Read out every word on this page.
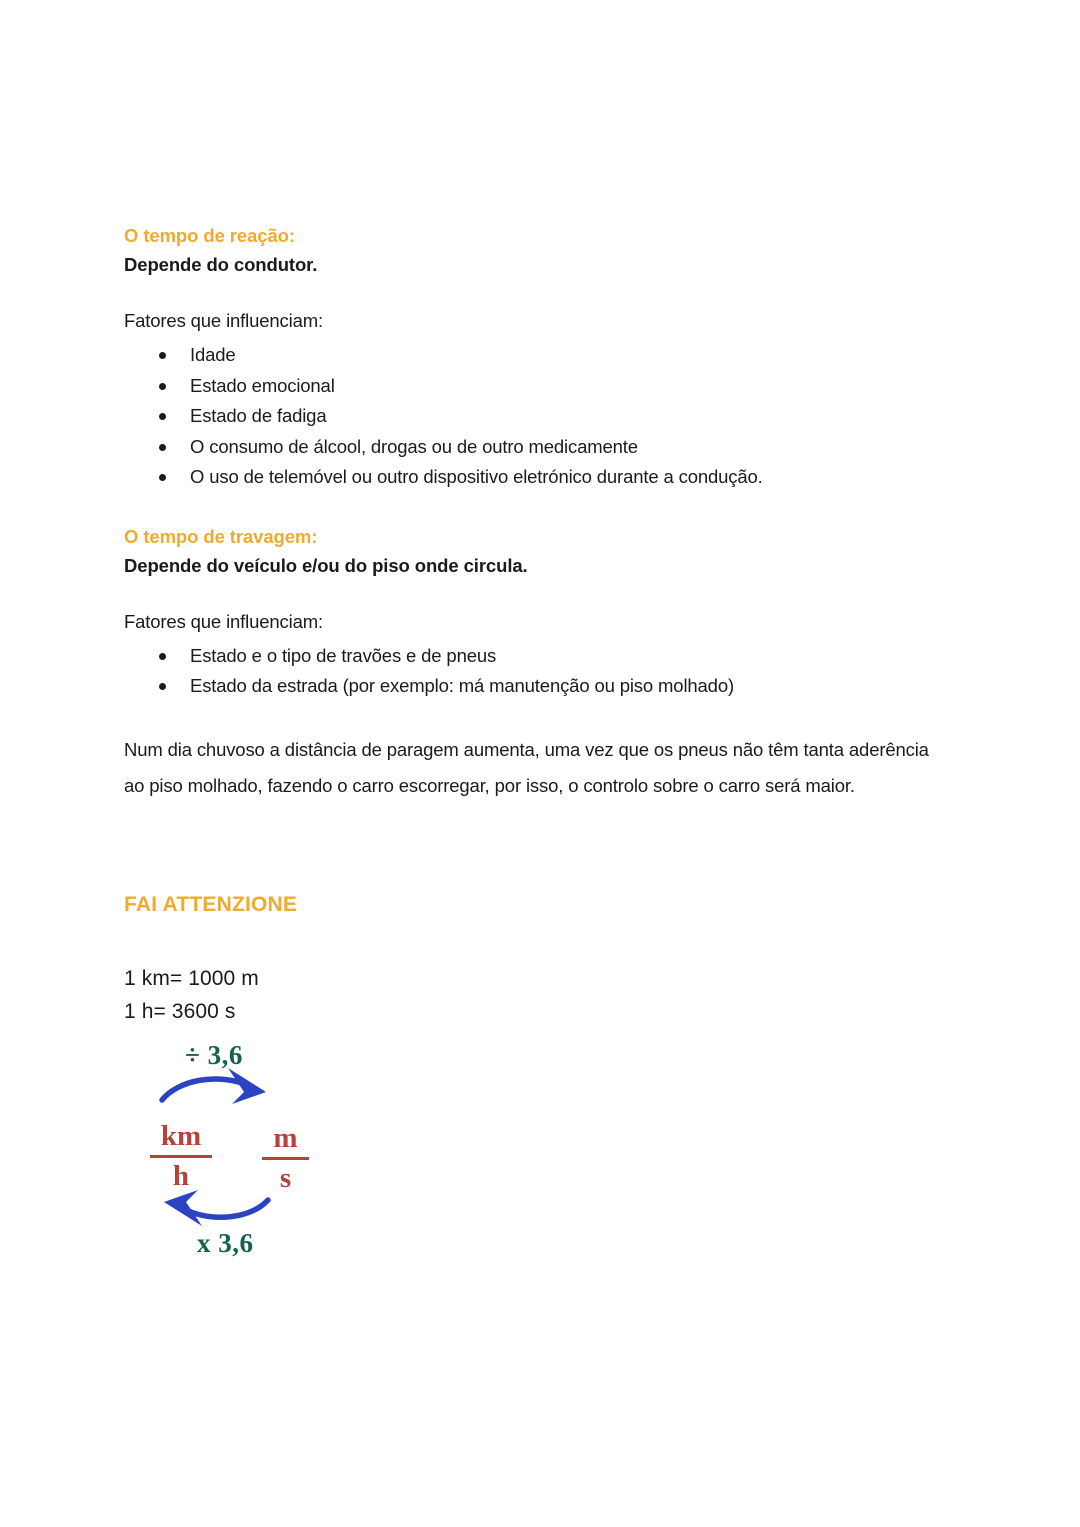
O tempo de reação:

Depende do condutor.

Fatores que influenciam:

Idade
Estado emocional
Estado de fadiga
O consumo de álcool, drogas ou de outro medicamente
O uso de telemóvel ou outro dispositivo eletrónico durante a condução.
O tempo de travagem:

Depende do veículo e/ou do piso onde circula.

Fatores que influenciam:

Estado e o tipo de travões e de pneus
Estado da estrada (por exemplo: má manutenção ou piso molhado)

Num dia chuvoso a distância de paragem aumenta, uma vez que os pneus não têm tanta aderência ao piso molhado, fazendo o carro escorregar, por isso, o controlo sobre o carro será maior.

FAI ATTENZIONE

1 km= 1000 m

1 h= 3600 s

÷ 3,6
x 3,6
km
h
m
s
